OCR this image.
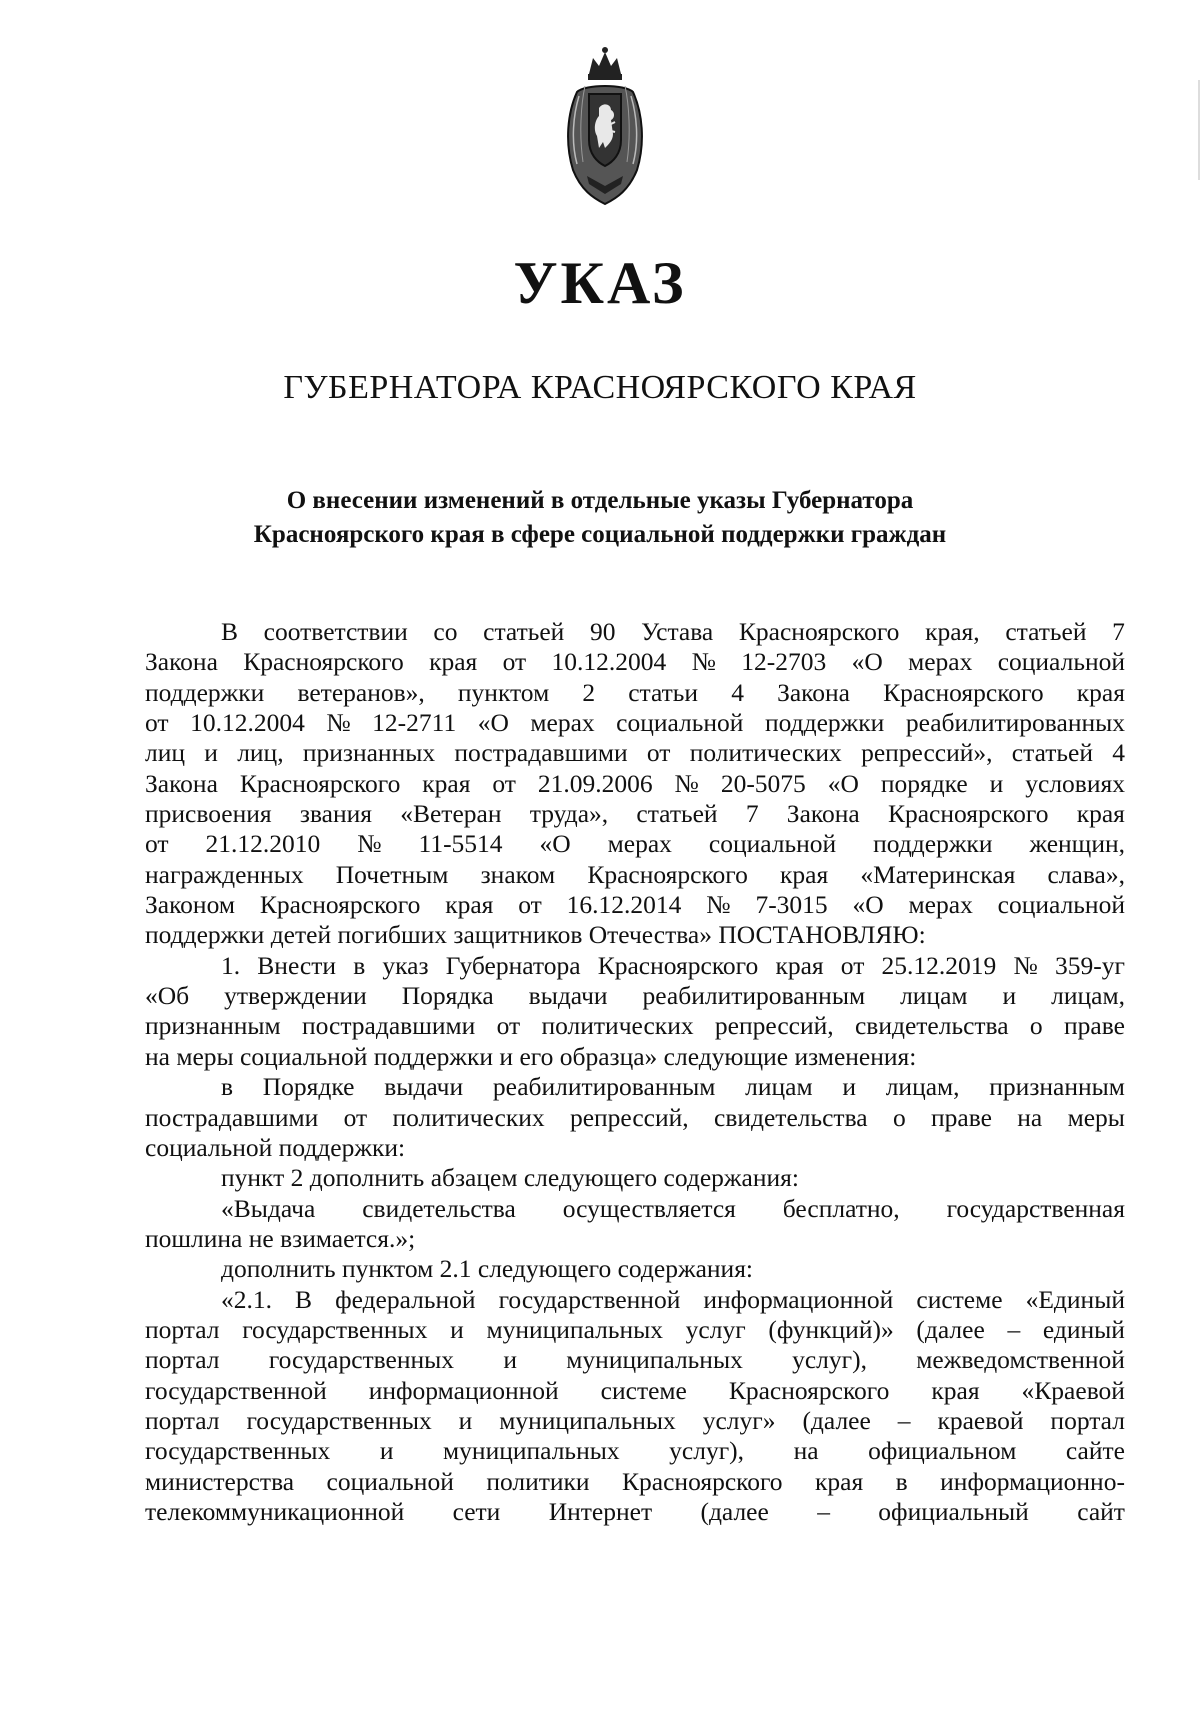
УКАЗ
ГУБЕРНАТОРА КРАСНОЯРСКОГО КРАЯ
О внесении изменений в отдельные указы Губернатора
Красноярского края в сфере социальной поддержки граждан
В соответствии со статьей 90 Устава Красноярского края, статьей 7
Закона Красноярского края от 10.12.2004 № 12-2703 «О мерах социальной
поддержки ветеранов», пунктом 2 статьи 4 Закона Красноярского края
от 10.12.2004 № 12-2711 «О мерах социальной поддержки реабилитированных
лиц и лиц, признанных пострадавшими от политических репрессий», статьей 4
Закона Красноярского края от 21.09.2006 № 20-5075 «О порядке и условиях
присвоения звания «Ветеран труда», статьей 7 Закона Красноярского края
от 21.12.2010 № 11-5514 «О мерах социальной поддержки женщин,
награжденных Почетным знаком Красноярского края «Материнская слава»,
Законом Красноярского края от 16.12.2014 № 7-3015 «О мерах социальной
поддержки детей погибших защитников Отечества» ПОСТАНОВЛЯЮ:
1. Внести в указ Губернатора Красноярского края от 25.12.2019 № 359-уг
«Об утверждении Порядка выдачи реабилитированным лицам и лицам,
признанным пострадавшими от политических репрессий, свидетельства о праве
на меры социальной поддержки и его образца» следующие изменения:
в Порядке выдачи реабилитированным лицам и лицам, признанным
пострадавшими от политических репрессий, свидетельства о праве на меры
социальной поддержки:
пункт 2 дополнить абзацем следующего содержания:
«Выдача свидетельства осуществляется бесплатно, государственная
пошлина не взимается.»;
дополнить пунктом 2.1 следующего содержания:
«2.1. В федеральной государственной информационной системе «Единый
портал государственных и муниципальных услуг (функций)» (далее – единый
портал государственных и муниципальных услуг), межведомственной
государственной информационной системе Красноярского края «Краевой
портал государственных и муниципальных услуг» (далее – краевой портал
государственных и муниципальных услуг), на официальном сайте
министерства социальной политики Красноярского края в информационно-
телекоммуникационной сети Интернет (далее – официальный сайт
